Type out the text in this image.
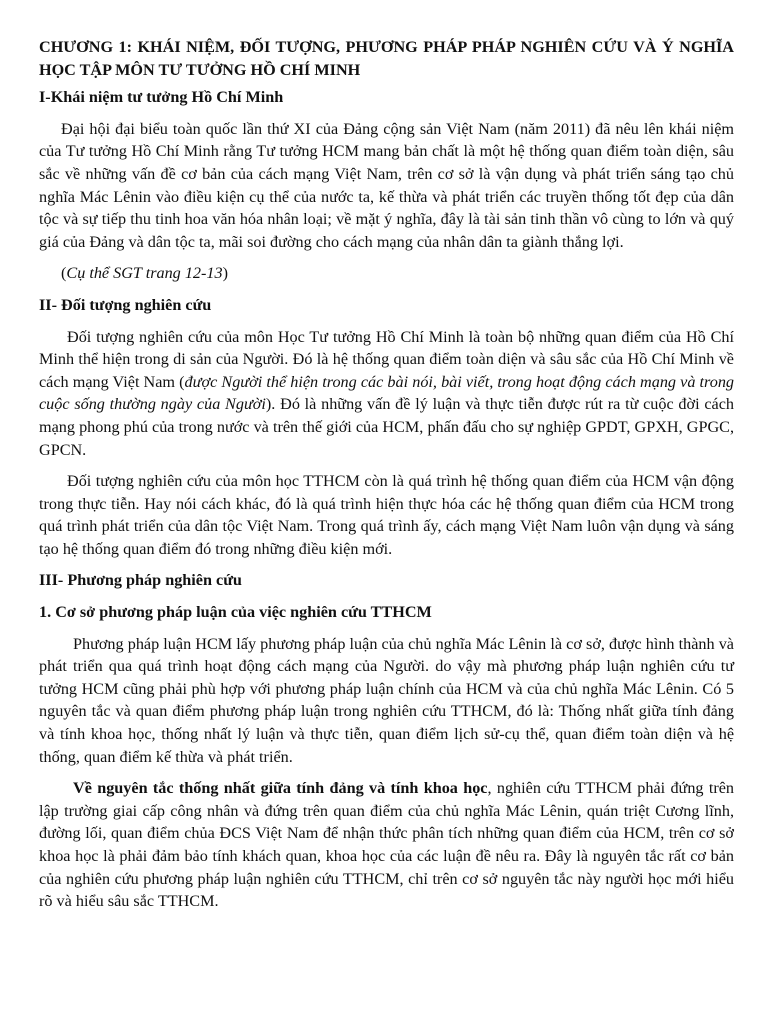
CHƯƠNG 1: KHÁI NIỆM, ĐỐI TƯỢNG, PHƯƠNG PHÁP PHÁP NGHIÊN CỨU VÀ Ý NGHĨA HỌC TẬP MÔN TƯ TƯỞNG HỒ CHÍ MINH
I-Khái niệm tư tưởng Hồ Chí Minh

Đại hội đại biểu toàn quốc lần thứ XI của Đảng cộng sản Việt Nam (năm 2011) đã nêu lên khái niệm của Tư tưởng Hồ Chí Minh rằng Tư tưởng HCM mang bản chất là một hệ thống quan điểm toàn diện, sâu sắc về những vấn đề cơ bản của cách mạng Việt Nam, trên cơ sở là vận dụng và phát triển sáng tạo chủ nghĩa Mác Lênin vào điều kiện cụ thể của nước ta, kế thừa và phát triển các truyền thống tốt đẹp của dân tộc và sự tiếp thu tinh hoa văn hóa nhân loại; về mặt ý nghĩa, đây là tài sản tinh thần vô cùng to lớn và quý giá của Đảng và dân tộc ta, mãi soi đường cho cách mạng của nhân dân ta giành thắng lợi.

(Cụ thể SGT trang 12-13)

II- Đối tượng nghiên cứu

Đối tượng nghiên cứu của môn Học Tư tưởng Hồ Chí Minh là toàn bộ những quan điểm của Hồ Chí Minh thể hiện trong di sản của Người. Đó là hệ thống quan điểm toàn diện và sâu sắc của Hồ Chí Minh về cách mạng Việt Nam (được Người thể hiện trong các bài nói, bài viết, trong hoạt động cách mạng và trong cuộc sống thường ngày của Người). Đó là những vấn đề lý luận và thực tiễn được rút ra từ cuộc đời cách mạng phong phú của trong nước và trên thế giới của HCM, phấn đấu cho sự nghiệp GPDT, GPXH, GPGC, GPCN.

Đối tượng nghiên cứu của môn học TTHCM còn là quá trình hệ thống quan điểm của HCM vận động trong thực tiễn. Hay nói cách khác, đó là quá trình hiện thực hóa các hệ thống quan điểm của HCM trong quá trình phát triển của dân tộc Việt Nam. Trong quá trình ấy, cách mạng Việt Nam luôn vận dụng và sáng tạo hệ thống quan điểm đó trong những điều kiện mới.

III- Phương pháp nghiên cứu
1. Cơ sở phương pháp luận của việc nghiên cứu TTHCM

Phương pháp luận HCM lấy phương pháp luận của chủ nghĩa Mác Lênin là cơ sở, được hình thành và phát triển qua quá trình hoạt động cách mạng của Người. do vậy mà phương pháp luận nghiên cứu tư tưởng HCM cũng phải phù hợp với phương pháp luận chính của HCM và của chủ nghĩa Mác Lênin. Có 5 nguyên tắc và quan điểm phương pháp luận trong nghiên cứu TTHCM, đó là: Thống nhất giữa tính đảng và tính khoa học, thống nhất lý luận và thực tiễn, quan điểm lịch sử-cụ thể, quan điểm toàn diện và hệ thống, quan điểm kế thừa và phát triển.

Về nguyên tắc thống nhất giữa tính đảng và tính khoa học, nghiên cứu TTHCM phải đứng trên lập trường giai cấp công nhân và đứng trên quan điểm của chủ nghĩa Mác Lênin, quán triệt Cương lĩnh, đường lối, quan điểm chủa ĐCS Việt Nam để nhận thức phân tích những quan điểm của HCM, trên cơ sở khoa học là phải đảm bảo tính khách quan, khoa học của các luận đề nêu ra. Đây là nguyên tắc rất cơ bản của nghiên cứu phương pháp luận nghiên cứu TTHCM, chỉ trên cơ sở nguyên tắc này người học mới hiểu rõ và hiểu sâu sắc TTHCM.
